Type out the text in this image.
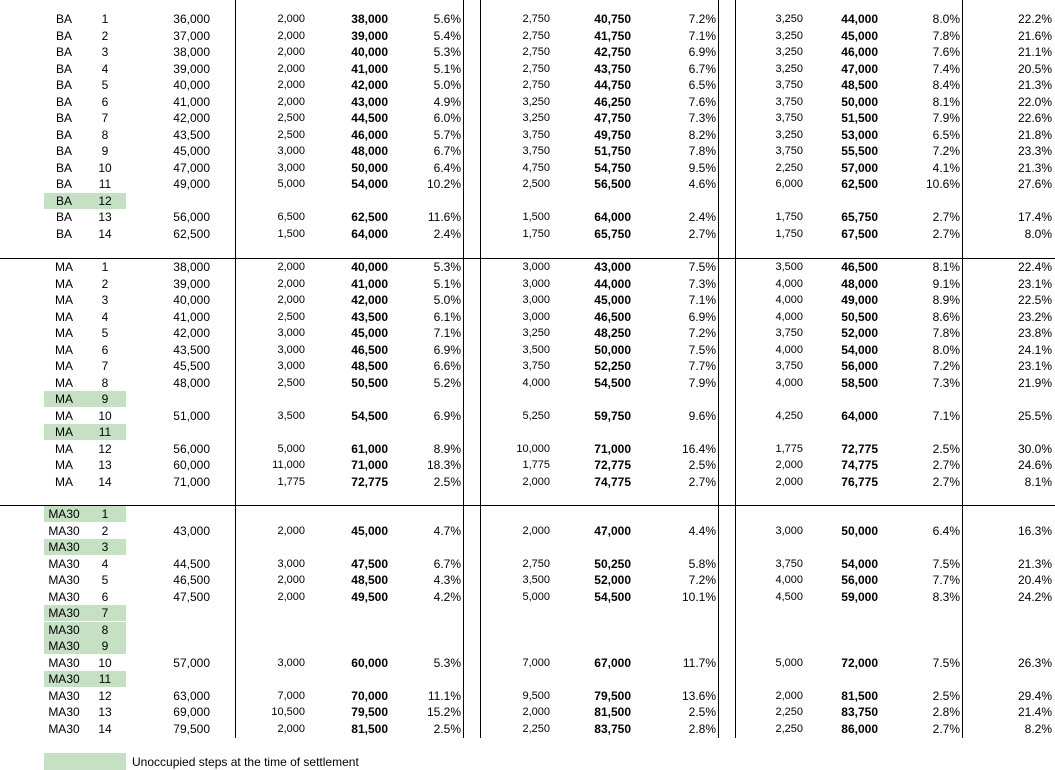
BA	1	36,000	2,000	38,000	5.6%	2,750	40,750	7.2%	3,250	44,000	8.0%	22.2%
BA	2	37,000	2,000	39,000	5.4%	2,750	41,750	7.1%	3,250	45,000	7.8%	21.6%
BA	3	38,000	2,000	40,000	5.3%	2,750	42,750	6.9%	3,250	46,000	7.6%	21.1%
BA	4	39,000	2,000	41,000	5.1%	2,750	43,750	6.7%	3,250	47,000	7.4%	20.5%
BA	5	40,000	2,000	42,000	5.0%	2,750	44,750	6.5%	3,750	48,500	8.4%	21.3%
BA	6	41,000	2,000	43,000	4.9%	3,250	46,250	7.6%	3,750	50,000	8.1%	22.0%
BA	7	42,000	2,500	44,500	6.0%	3,250	47,750	7.3%	3,750	51,500	7.9%	22.6%
BA	8	43,500	2,500	46,000	5.7%	3,750	49,750	8.2%	3,250	53,000	6.5%	21.8%
BA	9	45,000	3,000	48,000	6.7%	3,750	51,750	7.8%	3,750	55,500	7.2%	23.3%
BA	10	47,000	3,000	50,000	6.4%	4,750	54,750	9.5%	2,250	57,000	4.1%	21.3%
BA	11	49,000	5,000	54,000	10.2%	2,500	56,500	4.6%	6,000	62,500	10.6%	27.6%
BA	12
BA	13	56,000	6,500	62,500	11.6%	1,500	64,000	2.4%	1,750	65,750	2.7%	17.4%
BA	14	62,500	1,500	64,000	2.4%	1,750	65,750	2.7%	1,750	67,500	2.7%	8.0%
MA	1	38,000	2,000	40,000	5.3%	3,000	43,000	7.5%	3,500	46,500	8.1%	22.4%
MA	2	39,000	2,000	41,000	5.1%	3,000	44,000	7.3%	4,000	48,000	9.1%	23.1%
MA	3	40,000	2,000	42,000	5.0%	3,000	45,000	7.1%	4,000	49,000	8.9%	22.5%
MA	4	41,000	2,500	43,500	6.1%	3,000	46,500	6.9%	4,000	50,500	8.6%	23.2%
MA	5	42,000	3,000	45,000	7.1%	3,250	48,250	7.2%	3,750	52,000	7.8%	23.8%
MA	6	43,500	3,000	46,500	6.9%	3,500	50,000	7.5%	4,000	54,000	8.0%	24.1%
MA	7	45,500	3,000	48,500	6.6%	3,750	52,250	7.7%	3,750	56,000	7.2%	23.1%
MA	8	48,000	2,500	50,500	5.2%	4,000	54,500	7.9%	4,000	58,500	7.3%	21.9%
MA	9
MA	10	51,000	3,500	54,500	6.9%	5,250	59,750	9.6%	4,250	64,000	7.1%	25.5%
MA	11
MA	12	56,000	5,000	61,000	8.9%	10,000	71,000	16.4%	1,775	72,775	2.5%	30.0%
MA	13	60,000	11,000	71,000	18.3%	1,775	72,775	2.5%	2,000	74,775	2.7%	24.6%
MA	14	71,000	1,775	72,775	2.5%	2,000	74,775	2.7%	2,000	76,775	2.7%	8.1%
MA30	1
MA30	2	43,000	2,000	45,000	4.7%	2,000	47,000	4.4%	3,000	50,000	6.4%	16.3%
MA30	3
MA30	4	44,500	3,000	47,500	6.7%	2,750	50,250	5.8%	3,750	54,000	7.5%	21.3%
MA30	5	46,500	2,000	48,500	4.3%	3,500	52,000	7.2%	4,000	56,000	7.7%	20.4%
MA30	6	47,500	2,000	49,500	4.2%	5,000	54,500	10.1%	4,500	59,000	8.3%	24.2%
MA30	7
MA30	8
MA30	9
MA30	10	57,000	3,000	60,000	5.3%	7,000	67,000	11.7%	5,000	72,000	7.5%	26.3%
MA30	11
MA30	12	63,000	7,000	70,000	11.1%	9,500	79,500	13.6%	2,000	81,500	2.5%	29.4%
MA30	13	69,000	10,500	79,500	15.2%	2,000	81,500	2.5%	2,250	83,750	2.8%	21.4%
MA30	14	79,500	2,000	81,500	2.5%	2,250	83,750	2.8%	2,250	86,000	2.7%	8.2%
Unoccupied steps at the time of settlement
